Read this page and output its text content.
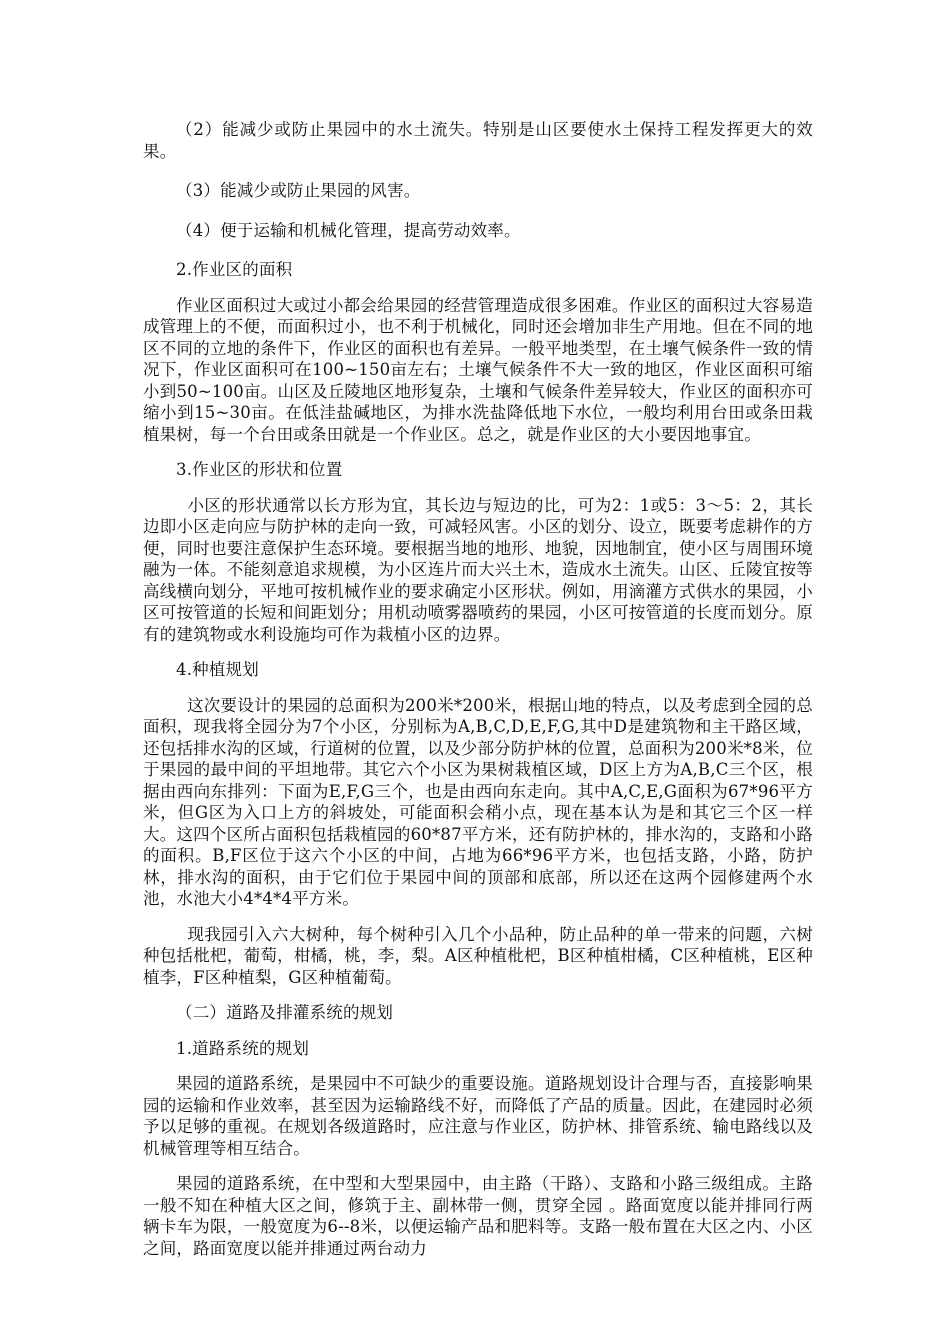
（2）能减少或防止果园中的水土流失。特别是山区要使水土保持工程发挥更大的效果。

（3）能减少或防止果园的风害。

（4）便于运输和机械化管理，提高劳动效率。

2.作业区的面积

作业区面积过大或过小都会给果园的经营管理造成很多困难。作业区的面积过大容易造成管理上的不便，而面积过小，也不利于机械化，同时还会增加非生产用地。但在不同的地区不同的立地的条件下，作业区的面积也有差异。一般平地类型，在土壤气候条件一致的情况下，作业区面积可在100~150亩左右；土壤气候条件不大一致的地区，作业区面积可缩小到50~100亩。山区及丘陵地区地形复杂，土壤和气候条件差异较大，作业区的面积亦可缩小到15~30亩。在低洼盐碱地区，为排水洗盐降低地下水位，一般均利用台田或条田栽植果树，每一个台田或条田就是一个作业区。总之，就是作业区的大小要因地事宜。

3.作业区的形状和位置

小区的形状通常以长方形为宜，其长边与短边的比，可为2：1或5：3～5：2，其长边即小区走向应与防护林的走向一致，可减轻风害。小区的划分、设立，既要考虑耕作的方便，同时也要注意保护生态环境。要根据当地的地形、地貌，因地制宜，使小区与周围环境融为一体。不能刻意追求规模，为小区连片而大兴土木，造成水土流失。山区、丘陵宜按等高线横向划分，平地可按机械作业的要求确定小区形状。例如，用滴灌方式供水的果园，小区可按管道的长短和间距划分；用机动喷雾器喷药的果园，小区可按管道的长度而划分。原有的建筑物或水利设施均可作为栽植小区的边界。

4.种植规划

这次要设计的果园的总面积为200米*200米，根据山地的特点，以及考虑到全园的总面积，现我将全园分为7个小区，分别标为A,B,C,D,E,F,G,其中D是建筑物和主干路区域，还包括排水沟的区域，行道树的位置，以及少部分防护林的位置，总面积为200米*8米，位于果园的最中间的平坦地带。其它六个小区为果树栽植区域，D区上方为A,B,C三个区，根据由西向东排列：下面为E,F,G三个，也是由西向东走向。其中A,C,E,G面积为67*96平方米，但G区为入口上方的斜坡处，可能面积会稍小点，现在基本认为是和其它三个区一样大。这四个区所占面积包括栽植园的60*87平方米，还有防护林的，排水沟的，支路和小路的面积。B,F区位于这六个小区的中间，占地为66*96平方米，也包括支路，小路，防护林，排水沟的面积，由于它们位于果园中间的顶部和底部，所以还在这两个园修建两个水池，水池大小4*4*4平方米。

现我园引入六大树种，每个树种引入几个小品种，防止品种的单一带来的问题，六树种包括枇杷，葡萄，柑橘，桃，李，梨。A区种植枇杷，B区种植柑橘，C区种植桃，E区种植李，F区种植梨，G区种植葡萄。

（二）道路及排灌系统的规划

1.道路系统的规划

果园的道路系统，是果园中不可缺少的重要设施。道路规划设计合理与否，直接影响果园的运输和作业效率，甚至因为运输路线不好，而降低了产品的质量。因此，在建园时必须予以足够的重视。在规划各级道路时，应注意与作业区，防护林、排管系统、输电路线以及机械管理等相互结合。

果园的道路系统，在中型和大型果园中，由主路（干路）、支路和小路三级组成。主路一般不知在种植大区之间，修筑于主、副林带一侧，贯穿全园 。路面宽度以能并排同行两辆卡车为限，一般宽度为6--8米，以便运输产品和肥料等。支路一般布置在大区之内、小区之间，路面宽度以能并排通过两台动力
